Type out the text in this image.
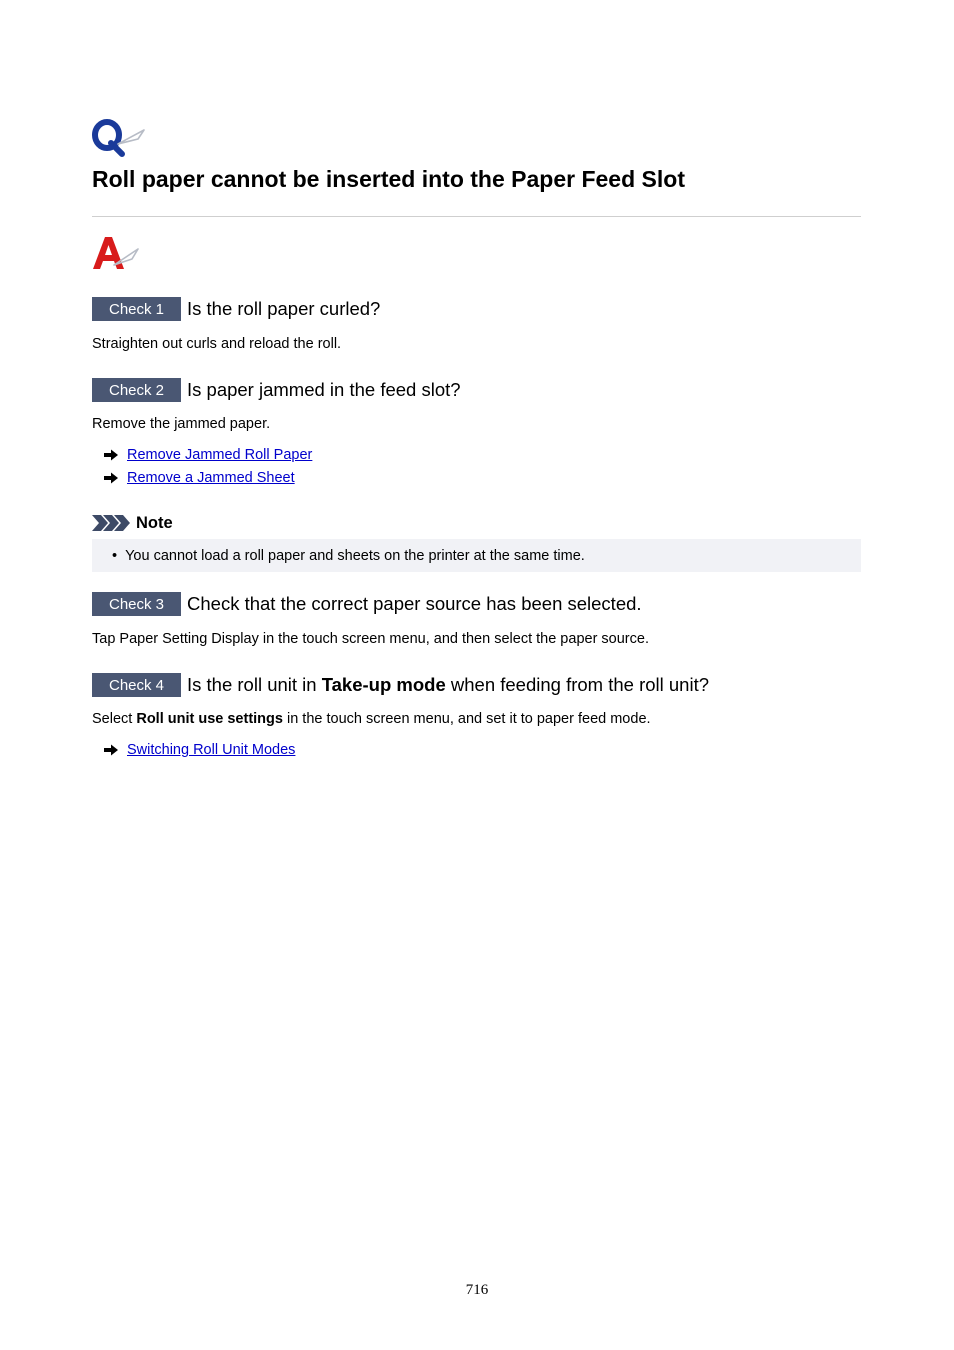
Roll paper cannot be inserted into the Paper Feed Slot
Check 1	Is the roll paper curled?
Straighten out curls and reload the roll.
Check 2	Is paper jammed in the feed slot?
Remove the jammed paper.
Remove Jammed Roll Paper
Remove a Jammed Sheet
Note
• You cannot load a roll paper and sheets on the printer at the same time.
Check 3	Check that the correct paper source has been selected.
Tap Paper Setting Display in the touch screen menu, and then select the paper source.
Check 4	Is the roll unit in Take-up mode when feeding from the roll unit?
Select Roll unit use settings in the touch screen menu, and set it to paper feed mode.
Switching Roll Unit Modes
716
